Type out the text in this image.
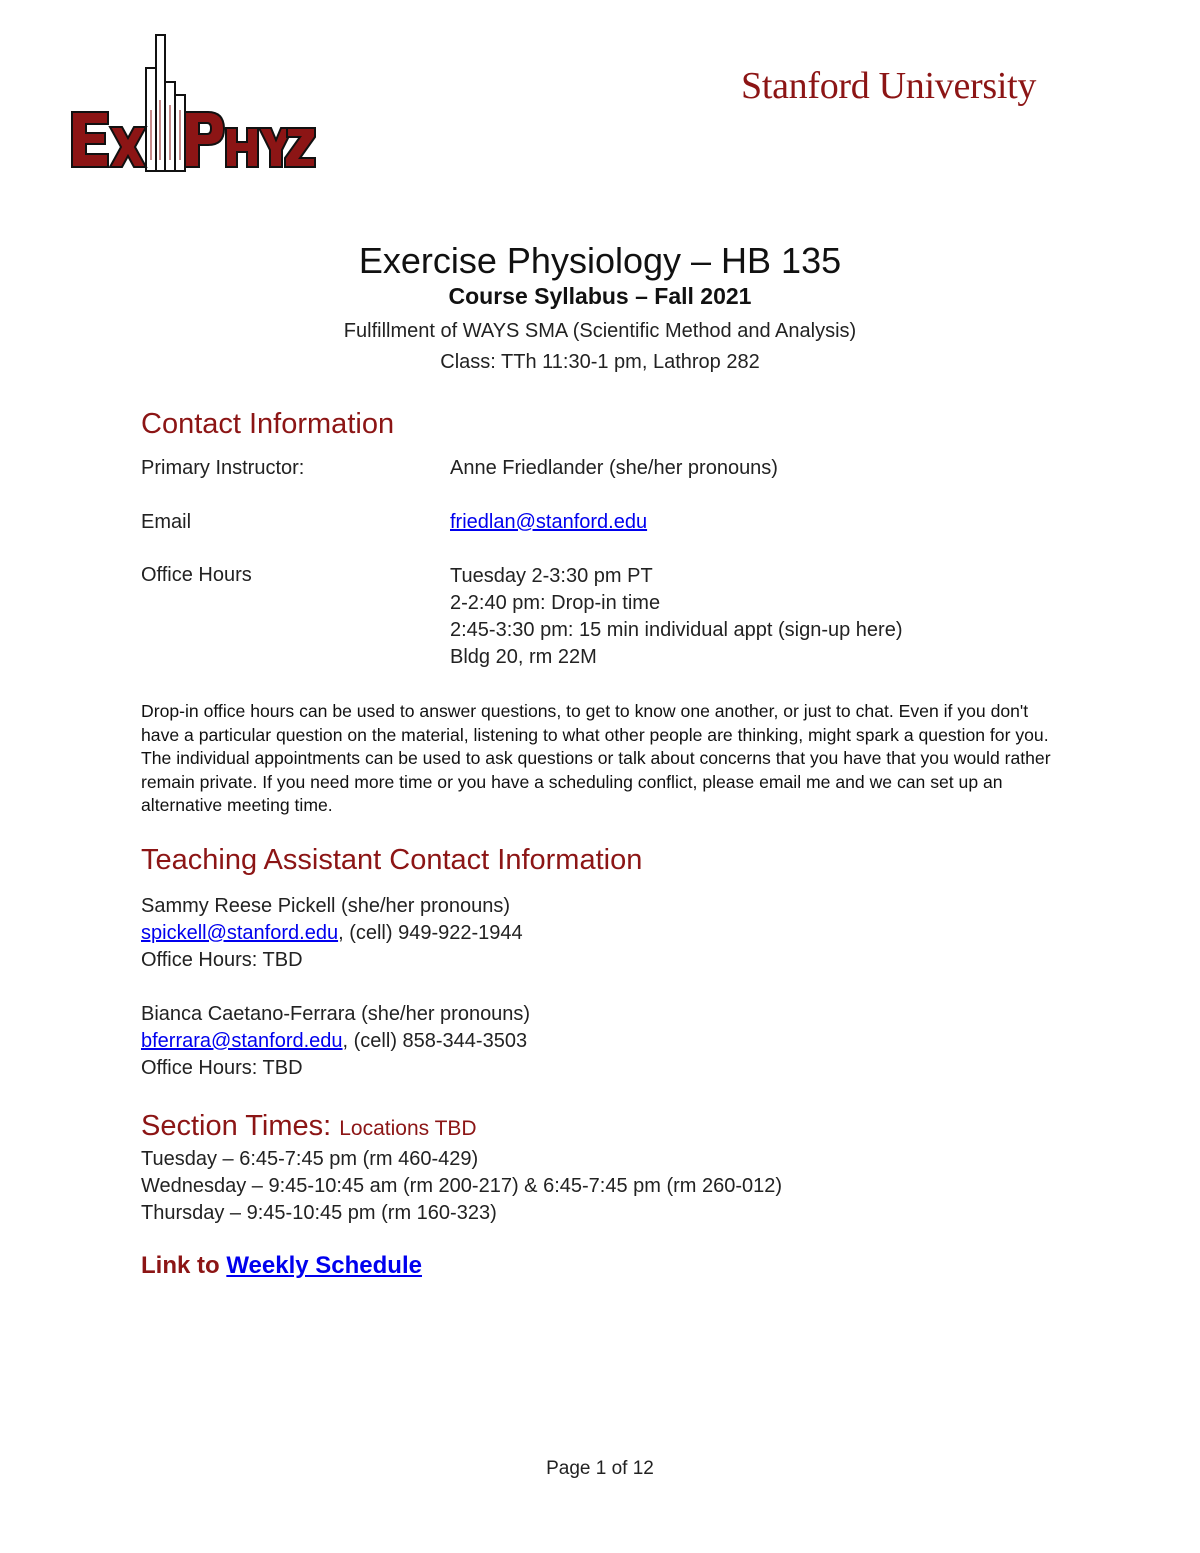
Stanford University
Exercise Physiology – HB 135
Course Syllabus – Fall 2021
Fulfillment of WAYS SMA (Scientific Method and Analysis)
Class: TTh 11:30-1 pm, Lathrop 282
Contact Information
Primary Instructor:	Anne Friedlander (she/her pronouns)
Email	friedlan@stanford.edu
Office Hours	Tuesday 2-3:30 pm PT
2-2:40 pm: Drop-in time
2:45-3:30 pm: 15 min individual appt (sign-up here)
Bldg 20, rm 22M
Drop-in office hours can be used to answer questions, to get to know one another, or just to chat. Even if you don't have a particular question on the material, listening to what other people are thinking, might spark a question for you. The individual appointments can be used to ask questions or talk about concerns that you have that you would rather remain private. If you need more time or you have a scheduling conflict, please email me and we can set up an alternative meeting time.
Teaching Assistant Contact Information
Sammy Reese Pickell (she/her pronouns)
spickell@stanford.edu, (cell) 949-922-1944
Office Hours: TBD
Bianca Caetano-Ferrara (she/her pronouns)
bferrara@stanford.edu, (cell) 858-344-3503
Office Hours: TBD
Section Times: Locations TBD
Tuesday – 6:45-7:45 pm (rm 460-429)
Wednesday – 9:45-10:45 am (rm 200-217) & 6:45-7:45 pm (rm 260-012)
Thursday – 9:45-10:45 pm (rm 160-323)
Link to Weekly Schedule
Page 1 of 12
